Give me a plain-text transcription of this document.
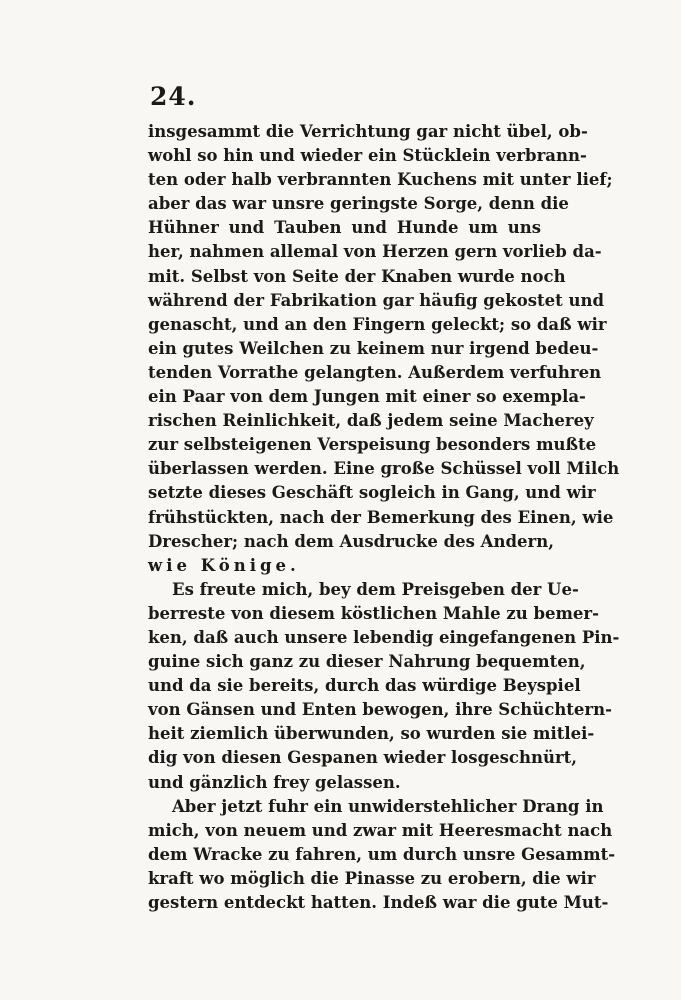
24.
insgesammt die Verrichtung gar nicht übel, ob-
wohl so hin und wieder ein Stücklein verbrann-
ten oder halb verbrannten Kuchens mit unter lief;
aber das war unsre geringste Sorge, denn die
Hühner und Tauben und Hunde um uns
her, nahmen allemal von Herzen gern vorlieb da-
mit. Selbst von Seite der Knaben wurde noch
während der Fabrikation gar häufig gekostet und
genascht, und an den Fingern geleckt; so daß wir
ein gutes Weilchen zu keinem nur irgend bedeu-
tenden Vorrathe gelangten. Außerdem verfuhren
ein Paar von dem Jungen mit einer so exempla-
rischen Reinlichkeit, daß jedem seine Macherey
zur selbsteigenen Verspeisung besonders mußte
überlassen werden. Eine große Schüssel voll Milch
setzte dieses Geschäft sogleich in Gang, und wir
frühstückten, nach der Bemerkung des Einen, wie
Drescher; nach dem Ausdrucke des Andern,
wie Könige.
Es freute mich, bey dem Preisgeben der Ue-
berreste von diesem köstlichen Mahle zu bemer-
ken, daß auch unsere lebendig eingefangenen Pin-
guine sich ganz zu dieser Nahrung bequemten,
und da sie bereits, durch das würdige Beyspiel
von Gänsen und Enten bewogen, ihre Schüchtern-
heit ziemlich überwunden, so wurden sie mitlei-
dig von diesen Gespanen wieder losgeschnürt,
und gänzlich frey gelassen.
Aber jetzt fuhr ein unwiderstehlicher Drang in
mich, von neuem und zwar mit Heeresmacht nach
dem Wracke zu fahren, um durch unsre Gesammt-
kraft wo möglich die Pinasse zu erobern, die wir
gestern entdeckt hatten. Indeß war die gute Mut-
